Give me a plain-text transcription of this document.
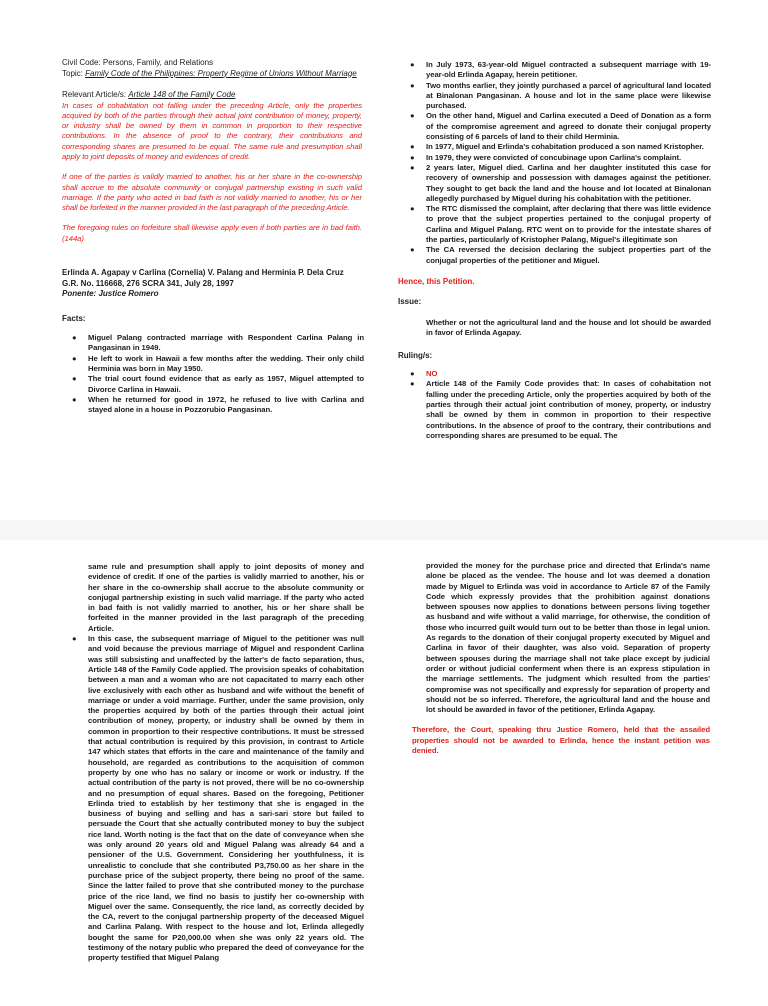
Civil Code: Persons, Family, and Relations

Topic: Family Code of the Philippines: Property Regime of Unions Without Marriage

Relevant Article/s: Article 148 of the Family Code

In cases of cohabitation not falling under the preceding Article, only the properties acquired by both of the parties through their actual joint contribution of money, property, or industry shall be owned by them in common in proportion to their respective contributions. In the absence of proof to the contrary, their contributions and corresponding shares are presumed to be equal. The same rule and presumption shall apply to joint deposits of money and evidences of credit.

If one of the parties is validly married to another, his or her share in the co-ownership shall accrue to the absolute community or conjugal partnership existing in such valid marriage. If the party who acted in bad faith is not validly married to another, his or her shall be forfeited in the manner provided in the last paragraph of the preceding Article.

The foregoing rules on forfeiture shall likewise apply even if both parties are in bad faith. (144a)

Erlinda A. Agapay v Carlina (Cornelia) V. Palang and Herminia P. Dela Cruz

G.R. No. 116668, 276 SCRA 341, July 28, 1997

Ponente: Justice Romero

Facts:

● Miguel Palang contracted marriage with Respondent Carlina Palang in Pangasinan in 1949.
● He left to work in Hawaii a few months after the wedding. Their only child Herminia was born in May 1950.
● The trial court found evidence that as early as 1957, Miguel attempted to Divorce Carlina in Hawaii.
● When he returned for good in 1972, he refused to live with Carlina and stayed alone in a house in Pozzorubio Pangasinan.
● In July 1973, 63-year-old Miguel contracted a subsequent marriage with 19-year-old Erlinda Agapay, herein petitioner.
● Two months earlier, they jointly purchased a parcel of agricultural land located at Binalonan Pangasinan. A house and lot in the same place were likewise purchased.
● On the other hand, Miguel and Carlina executed a Deed of Donation as a form of the compromise agreement and agreed to donate their conjugal property consisting of 6 parcels of land to their child Herminia.
● In 1977, Miguel and Erlinda's cohabitation produced a son named Kristopher.
● In 1979, they were convicted of concubinage upon Carlina's complaint.
● 2 years later, Miguel died. Carlina and her daughter instituted this case for recovery of ownership and possession with damages against the petitioner. They sought to get back the land and the house and lot located at Binalonan allegedly purchased by Miguel during his cohabitation with the petitioner.
● The RTC dismissed the complaint, after declaring that there was little evidence to prove that the subject properties pertained to the conjugal property of Carlina and Miguel Palang. RTC went on to provide for the intestate shares of the parties, particularly of Kristopher Palang, Miguel's illegitimate son
● The CA reversed the decision declaring the subject properties part of the conjugal properties of the petitioner and Miguel.

Hence, this Petition.

Issue:

Whether or not the agricultural land and the house and lot should be awarded in favor of Erlinda Agapay.

Ruling/s:

● NO
● Article 148 of the Family Code provides that: In cases of cohabitation not falling under the preceding Article, only the properties acquired by both of the parties through their actual joint contribution of money, property, or industry shall be owned by them in common in proportion to their respective contributions. In the absence of proof to the contrary, their contributions and corresponding shares are presumed to be equal. The

same rule and presumption shall apply to joint deposits of money and evidence of credit. If one of the parties is validly married to another, his or her share in the co-ownership shall accrue to the absolute community or conjugal partnership existing in such valid marriage. If the party who acted in bad faith is not validly married to another, his or her share shall be forfeited in the manner provided in the last paragraph of the preceding Article.

● In this case, the subsequent marriage of Miguel to the petitioner was null and void because the previous marriage of Miguel and respondent Carlina was still subsisting and unaffected by the latter's de facto separation, thus, Article 148 of the Family Code applied. The provision speaks of cohabitation between a man and a woman who are not capacitated to marry each other live exclusively with each other as husband and wife without the benefit of marriage or under a void marriage. Further, under the same provision, only the properties acquired by both of the parties through their actual joint contribution of money, property, or industry shall be owned by them in common in proportion to their respective contributions. It must be stressed that actual contribution is required by this provision, in contrast to Article 147 which states that efforts in the care and maintenance of the family and household, are regarded as contributions to the acquisition of common property by one who has no salary or income or work or industry. If the actual contribution of the party is not proved, there will be no co-ownership and no presumption of equal shares. Based on the foregoing, Petitioner Erlinda tried to establish by her testimony that she is engaged in the business of buying and selling and has a sari-sari store but failed to persuade the Court that she actually contributed money to buy the subject rice land. Worth noting is the fact that on the date of conveyance when she was only around 20 years old and Miguel Palang was already 64 and a pensioner of the U.S. Government. Considering her youthfulness, it is unrealistic to conclude that she contributed P3,750.00 as her share in the purchase price of the subject property, there being no proof of the same. Since the latter failed to prove that she contributed money to the purchase price of the rice land, we find no basis to justify her co-ownership with Miguel over the same. Consequently, the rice land, as correctly decided by the CA, revert to the conjugal partnership property of the deceased Miguel and Carlina Palang. With respect to the house and lot, Erlinda allegedly bought the same for P20,000.00 when she was only 22 years old. The testimony of the notary public who prepared the deed of conveyance for the property testified that Miguel Palang

provided the money for the purchase price and directed that Erlinda's name alone be placed as the vendee. The house and lot was deemed a donation made by Miguel to Erlinda was void in accordance to Article 87 of the Family Code which expressly provides that the prohibition against donations between spouses now applies to donations between persons living together as husband and wife without a valid marriage, for otherwise, the condition of those who incurred guilt would turn out to be better than those in legal union. As regards to the donation of their conjugal property executed by Miguel and Carlina in favor of their daughter, was also void. Separation of property between spouses during the marriage shall not take place except by judicial order or without judicial conferment when there is an express stipulation in the marriage settlements. The judgment which resulted from the parties' compromise was not specifically and expressly for separation of property and should not be so inferred. Therefore, the agricultural land and the house and lot should be awarded in favor of the petitioner, Erlinda Agapay.

Therefore, the Court, speaking thru Justice Romero, held that the assailed properties should not be awarded to Erlinda, hence the instant petition was denied.
